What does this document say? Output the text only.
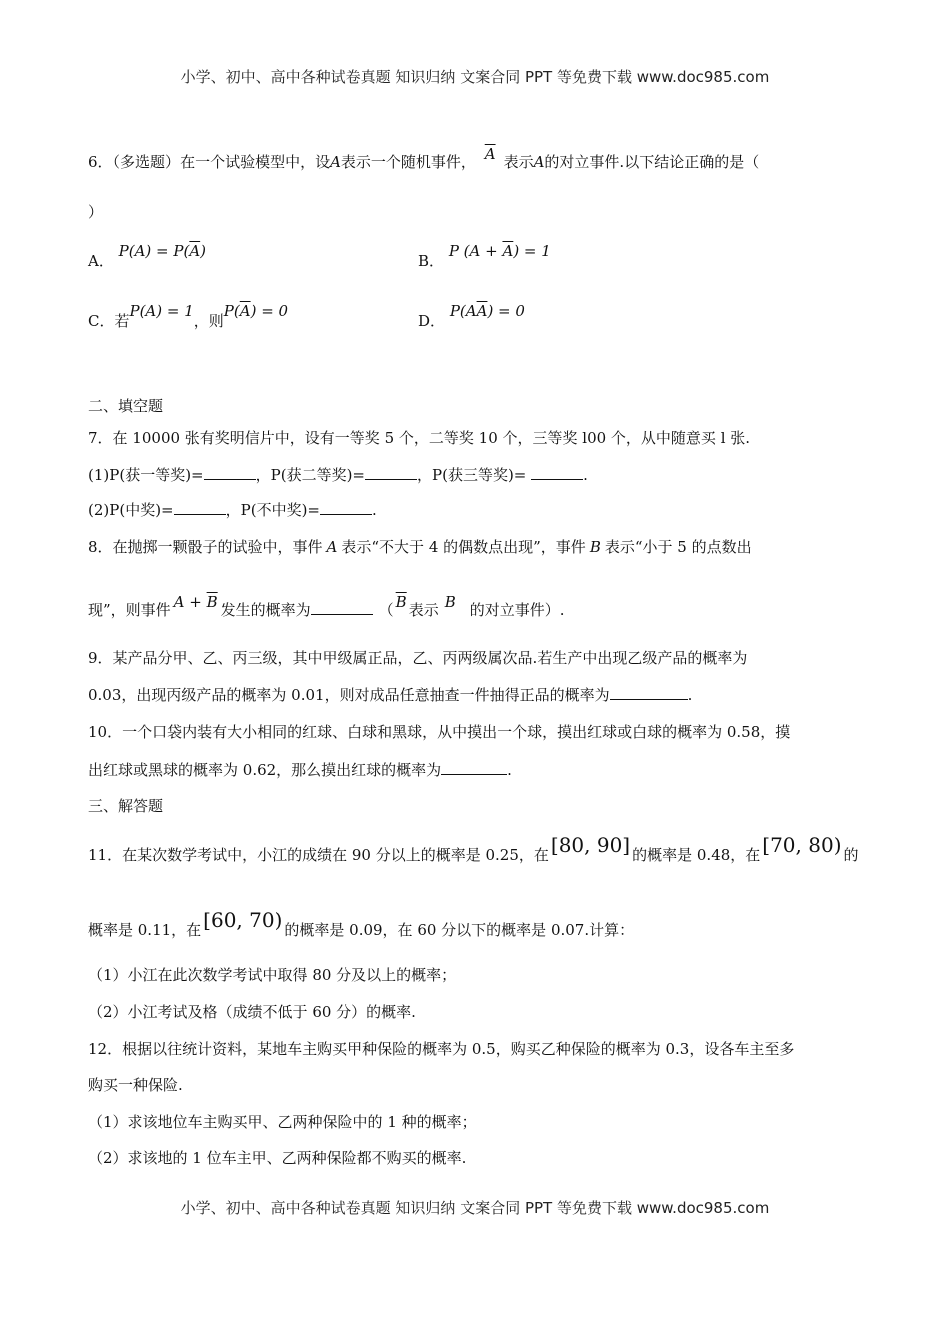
小学、初中、高中各种试卷真题 知识归纳 文案合同 PPT 等免费下载 www.doc985.com
6．（多选题）在一个试验模型中，设A表示一个随机事件， $\overline{A}$ 表示A的对立事件.以下结论正确的是（
）
A． $P(A) = P(\overline{A})$
B． P $(A + \overline{A}) = 1$
C．若P(A) = 1，则$P(\overline{A}) = 0$
D． $P(A\overline{A}) = 0$
二、填空题
7．在 10000 张有奖明信片中，设有一等奖 5 个，二等奖 10 个，三等奖 l00 个，从中随意买 l 张.
(1)P(获一等奖)=	，P(获二等奖)=	，P(获三等奖)=	.
(2)P(中奖)=	，P(不中奖)=	.
8．在抛掷一颗骰子的试验中，事件 A 表示“不大于 4 的偶数点出现”，事件 B 表示“小于 5 的点数出
现”，则事件 $A + \overline{B}$ 发生的概率为	（ $\overline{B}$ 表示 B 的对立事件）.
9．某产品分甲、乙、丙三级，其中甲级属正品，乙、丙两级属次品.若生产中出现乙级产品的概率为
0.03，出现丙级产品的概率为 0.01，则对成品任意抽查一件抽得正品的概率为	.
10．一个口袋内装有大小相同的红球、白球和黑球，从中摸出一个球，摸出红球或白球的概率为 0.58，摸
出红球或黑球的概率为 0.62，那么摸出红球的概率为	.
三、解答题
11．在某次数学考试中，小江的成绩在 90 分以上的概率是 0.25，在 [80, 90] 的概率是 0.48，在 [70, 80) 的
概率是 0.11，在 [60, 70) 的概率是 0.09，在 60 分以下的概率是 0.07.计算：
（1）小江在此次数学考试中取得 80 分及以上的概率；
（2）小江考试及格（成绩不低于 60 分）的概率.
12．根据以往统计资料，某地车主购买甲种保险的概率为 0.5，购买乙种保险的概率为 0.3，设各车主至多
购买一种保险.
（1）求该地位车主购买甲、乙两种保险中的 1 种的概率；
（2）求该地的 1 位车主甲、乙两种保险都不购买的概率.
小学、初中、高中各种试卷真题 知识归纳 文案合同 PPT 等免费下载 www.doc985.com
